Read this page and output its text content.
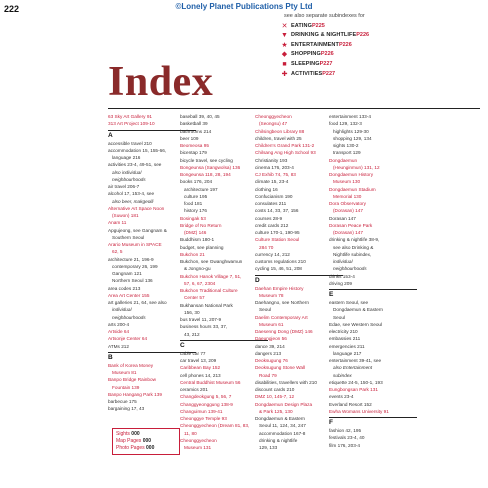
222	©Lonely Planet Publications Pty Ltd
see also separate subindexes for
✕ EATING P225
▼ DRINKING & NIGHTLIFE P226
★ ENTERTAINMENT P226
◆ SHOPPING P226
■ SLEEPING P227
✚ ACTIVITIES P227
Index
63 Sky Art Gallery 91
313 Art Project 109-10
A
accessible travel 210
accommodation 15, 155-66,
language 216
activities 23-4, 49-51, see
also individual
neighbourhoods
air travel 206-7
alcohol 17, 153-4, see
also beer, makgeolli
Alternative Art Space Noon
(Suwon) 181
Anam 11
Apgujeong, see Gangnam &
Southern Seoul
Arario Museum in SPACE
62, 5
architecture 21, 196-9
contemporary 26, 199
Gangnam 121
Northern Seoul 136
area codes 213
Area Art Center 155
art galleries 21, 64, see also
individual
neighbourhoods
arts 200-4
Artside 64
Artsonje Center 64
ATMs 212
B
Bank of Korea Money
Museum 81
Banpo Bridge Rainbow
Fountain 139
Banpo Hangang Park 139
barbecue 175
bargaining 17, 43
baseball 39, 40, 45
basketball 39
bathrooms 214
beer 109
Beomeosa 95
bicentap 179
bicycle travel, see cycling
Bongeunsa (Sangwolsa) 136
Bongeunsa 118, 28, 194
books 176, 204
architecture 197
culture 195
food 181
history 176
Bosingak 53
Bridge of No Return
(DMZ) 146
Buddhism 180-1
budget, see planning
Bukchon 21
Bukchon, see Gwanghwamun
& Jongno-gu
Bukchon Hanok Village 7, 51,
57, 6, 67, 2304
Bukchon Traditional Culture
Center 57
Bukhansan National Park
156, 30
bus travel 11, 207-9
business hours 33, 37,
43, 212
C
cable car 77
car travel 13, 209
Caribbean Bay 152
cell phones 14, 213
Central Buddhist Museum 56
ceramics 201
Changdeokgung 5, 56, 7
Changgyeonggung 138-9
Changuimun 139-41
Cheonggye Temple 93
Cheonggyecheon (Dream 81, 83,
11, 80
Cheonggyecheon
Museum 131
Cheonggyecheon
(Seongsu) 47
Chilsingbeon Library 88
children, travel with 25
Children's Grand Park 131-2
Chilsang Ang High School 93
Christianity 193
cinema 176, 203-4
CJ Exhib 74, 75, 83
climate 15, 23-4
clothing 16
Confucianism 190
consulates 211
costs 14, 33, 37, 156
courses 28-9
credit cards 212
culture 170-1, 190-95
Culture Station Seoul
284 70
currency 14, 212
customs regulations 210
cycling 15, 46, 51, 208
D
Daehan Empire History
Museum 78
Daehangno, see Northern
Seoul
Daelim Contemporary Art
Museum 61
Daesenng Dong (DMZ) 146
Daeungjeon 56
dance 39, 214
dangers 213
Deoksugung 76
Deoksugung Stone Wall
Road 79
disabilities, travellers with 210
discount cards 210
DMZ 10, 145-7, 12
Dongdaemun Design Plaza
& Park 125, 130
Dongdaemun & Eastern
Seoul 11, 124, 34, 247
accommodation 167-8
drinking & nightlife
129, 133
entertainment 133-4
food 129, 132-3
highlights 129-30
shopping 129, 134
sights 130-2
transport 129
Dongdaemun
(Heunginmun) 131, 12
Dongdaemun History
Museum 130
Dongdaemun Stadium
Memorial 130
Dora Observatory
(Dorasan) 147
Dorasan 147
Dorasan Peace Park
(Dorasan) 147
drinking & nightlife 38-9,
see also Drinking &
Nightlife subindex,
individual
neighbourhoods
drinks 153-4
driving 209
E
eastern Seoul, see
Dongdaemun & Eastern
Seoul
Edae, see Western Seoul
electricity 210
embassies 211
emergencies 211
language 217
entertainment 39-41, see
also Entertainment
subindex
etiquette 24-5, 150-1, 193
Eungbongsan Park 131
events 23-4
Everland Resort 152
Ewha Womans University 91
F
fashion 42, 195
festivals 23-4, 40
film 176, 203-4
Sights 000
Map Pages 000
Photo Pages 000
